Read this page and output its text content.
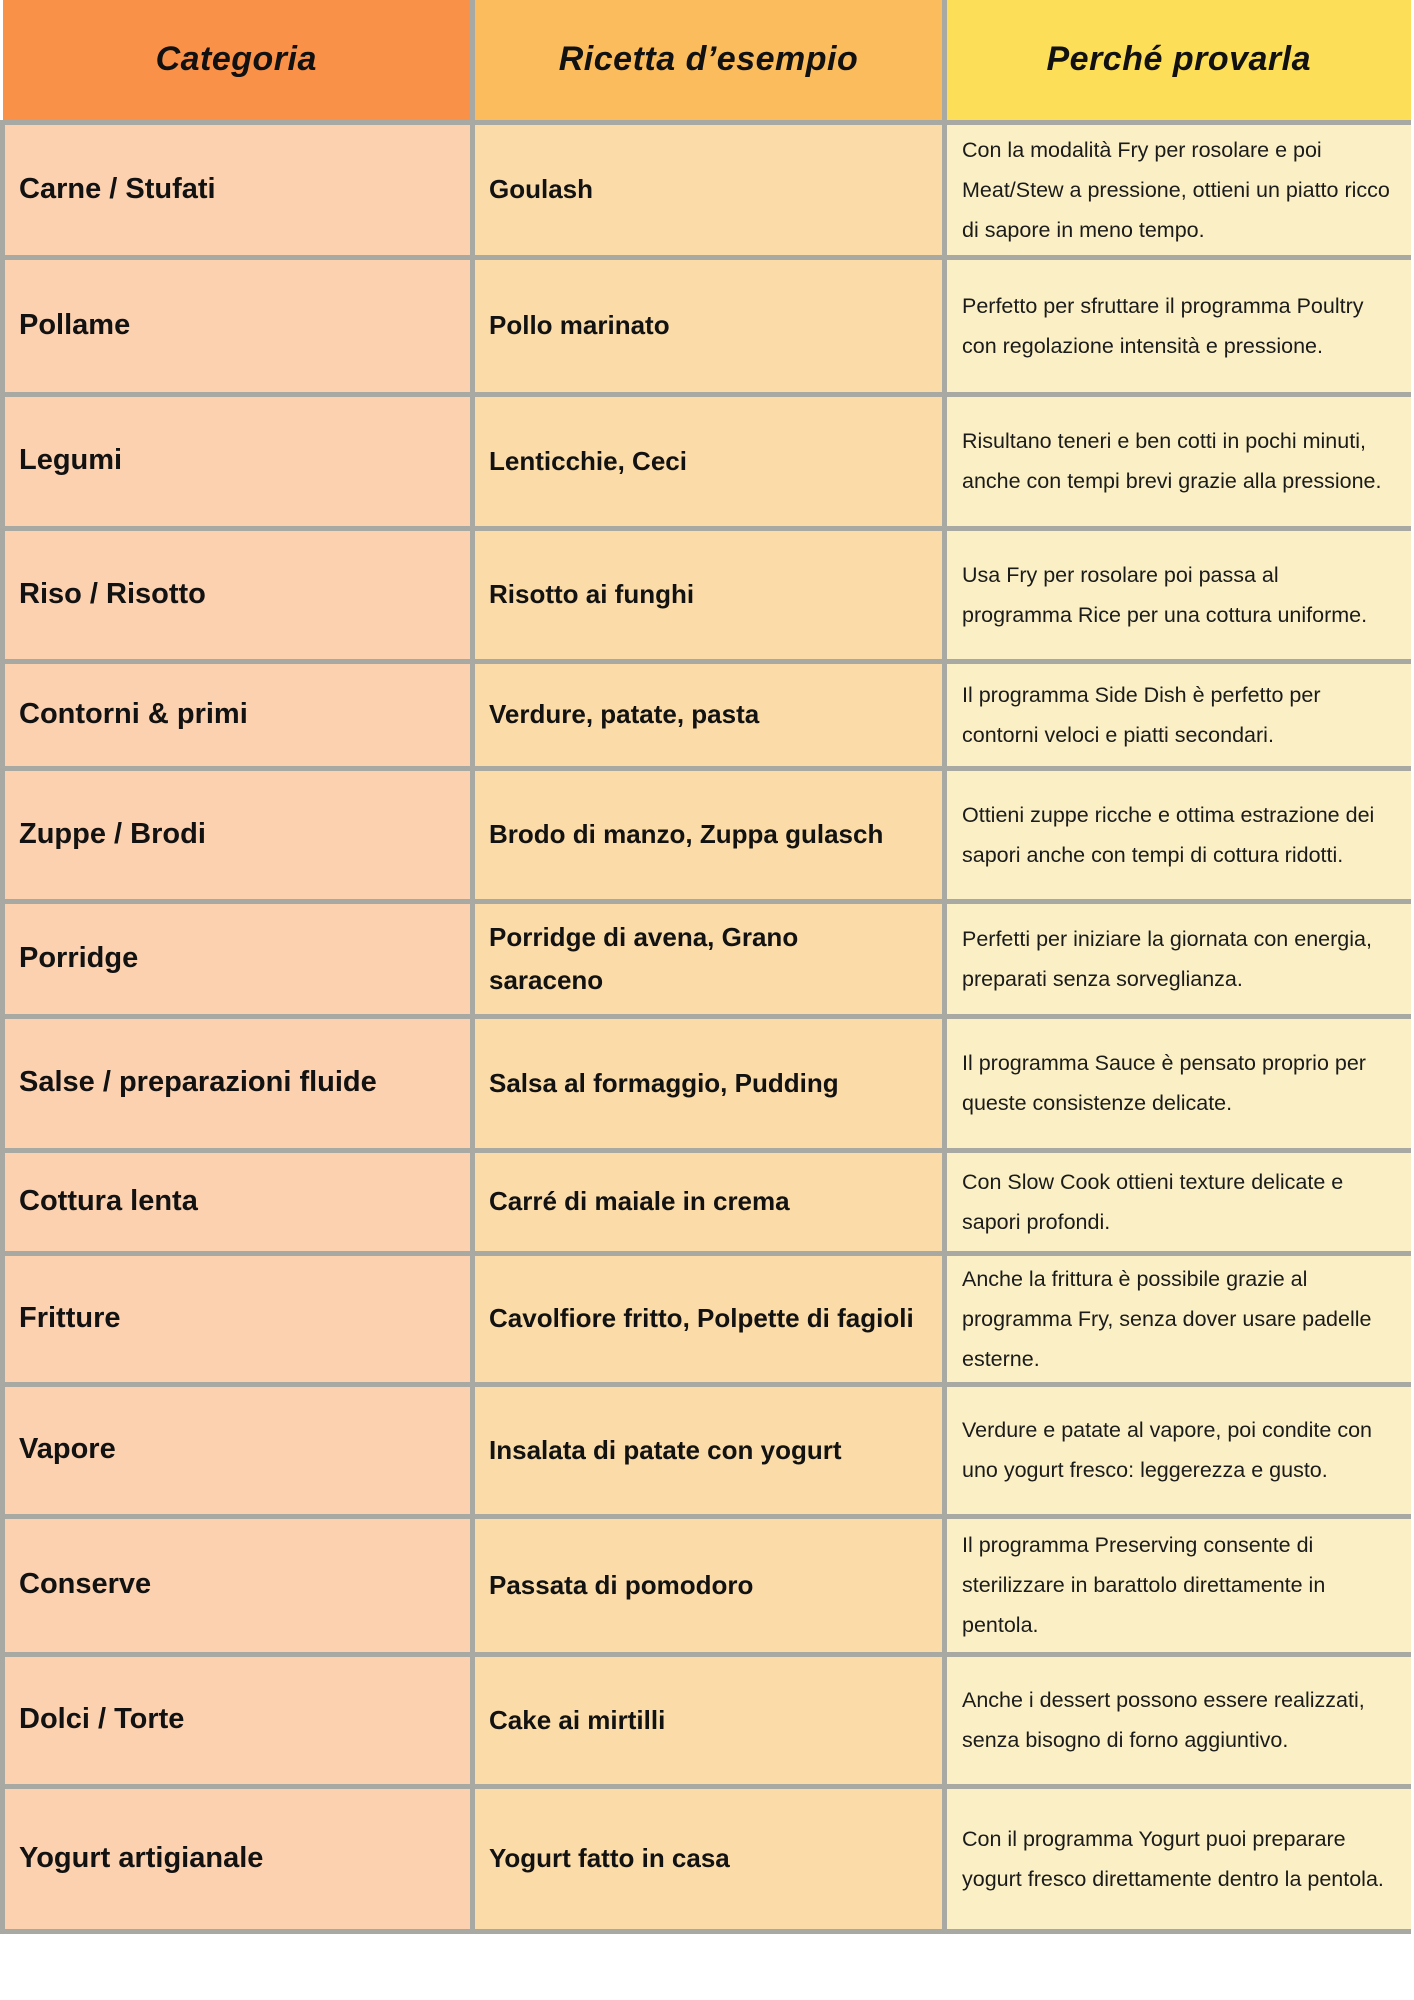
Categoria	Ricetta d’esempio	Perché provarla
Carne / Stufati	Goulash	Con la modalità Fry per rosolare e poi Meat/Stew a pressione, ottieni un piatto ricco di sapore in meno tempo.
Pollame	Pollo marinato	Perfetto per sfruttare il programma Poultry con regolazione intensità e pressione.
Legumi	Lenticchie, Ceci	Risultano teneri e ben cotti in pochi minuti, anche con tempi brevi grazie alla pressione.
Riso / Risotto	Risotto ai funghi	Usa Fry per rosolare poi passa al programma Rice per una cottura uniforme.
Contorni & primi	Verdure, patate, pasta	Il programma Side Dish è perfetto per contorni veloci e piatti secondari.
Zuppe / Brodi	Brodo di manzo, Zuppa gulasch	Ottieni zuppe ricche e ottima estrazione dei sapori anche con tempi di cottura ridotti.
Porridge	Porridge di avena, Grano saraceno	Perfetti per iniziare la giornata con energia, preparati senza sorveglianza.
Salse / preparazioni fluide	Salsa al formaggio, Pudding	Il programma Sauce è pensato proprio per queste consistenze delicate.
Cottura lenta	Carré di maiale in crema	Con Slow Cook ottieni texture delicate e sapori profondi.
Fritture	Cavolfiore fritto, Polpette di fagioli	Anche la frittura è possibile grazie al programma Fry, senza dover usare padelle esterne.
Vapore	Insalata di patate con yogurt	Verdure e patate al vapore, poi condite con uno yogurt fresco: leggerezza e gusto.
Conserve	Passata di pomodoro	Il programma Preserving consente di sterilizzare in barattolo direttamente in pentola.
Dolci / Torte	Cake ai mirtilli	Anche i dessert possono essere realizzati, senza bisogno di forno aggiuntivo.
Yogurt artigianale	Yogurt fatto in casa	Con il programma Yogurt puoi preparare yogurt fresco direttamente dentro la pentola.
